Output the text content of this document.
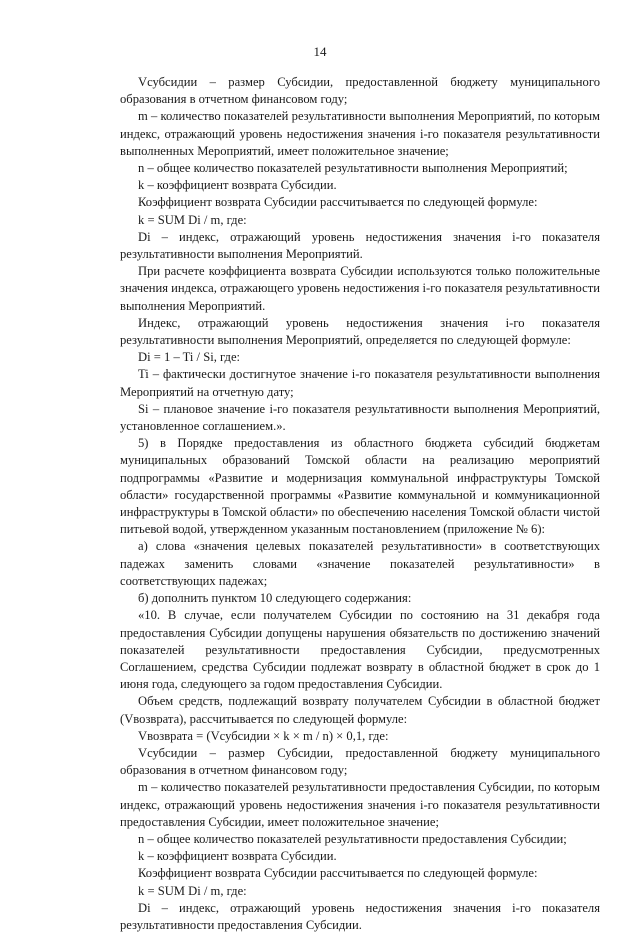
14

Vсубсидии – размер Субсидии, предоставленной бюджету муниципального образования в отчетном финансовом году;

m – количество показателей результативности выполнения Мероприятий, по которым индекс, отражающий уровень недостижения значения i-го показателя результативности выполненных Мероприятий, имеет положительное значение;

n – общее количество показателей результативности выполнения Мероприятий;

k – коэффициент возврата Субсидии.

Коэффициент возврата Субсидии рассчитывается по следующей формуле:

k = SUM Di / m, где:

Di – индекс, отражающий уровень недостижения значения i-го показателя результативности выполнения Мероприятий.

При расчете коэффициента возврата Субсидии используются только положительные значения индекса, отражающего уровень недостижения i-го показателя результативности выполнения Мероприятий.

Индекс, отражающий уровень недостижения значения i-го показателя результативности выполнения Мероприятий, определяется по следующей формуле:

Di = 1 – Ti / Si, где:

Ti – фактически достигнутое значение i-го показателя результативности выполнения Мероприятий на отчетную дату;

Si – плановое значение i-го показателя результативности выполнения Мероприятий, установленное соглашением.».

5) в Порядке предоставления из областного бюджета субсидий бюджетам муниципальных образований Томской области на реализацию мероприятий подпрограммы «Развитие и модернизация коммунальной инфраструктуры Томской области» государственной программы «Развитие коммунальной и коммуникационной инфраструктуры в Томской области» по обеспечению населения Томской области чистой питьевой водой, утвержденном указанным постановлением (приложение № 6):

а) слова «значения целевых показателей результативности» в соответствующих падежах заменить словами «значение показателей результативности» в соответствующих падежах;

б) дополнить пунктом 10 следующего содержания:

«10. В случае, если получателем Субсидии по состоянию на 31 декабря года предоставления Субсидии допущены нарушения обязательств по достижению значений показателей результативности предоставления Субсидии, предусмотренных Соглашением, средства Субсидии подлежат возврату в областной бюджет в срок до 1 июня года, следующего за годом предоставления Субсидии.

Объем средств, подлежащий возврату получателем Субсидии в областной бюджет (Vвозврата), рассчитывается по следующей формуле:

Vвозврата = (Vсубсидии × k × m / n) × 0,1, где:

Vсубсидии – размер Субсидии, предоставленной бюджету муниципального образования в отчетном финансовом году;

m – количество показателей результативности предоставления Субсидии, по которым индекс, отражающий уровень недостижения значения i-го показателя результативности предоставления Субсидии, имеет положительное значение;

n – общее количество показателей результативности предоставления Субсидии;

k – коэффициент возврата Субсидии.

Коэффициент возврата Субсидии рассчитывается по следующей формуле:

k = SUM Di / m, где:

Di – индекс, отражающий уровень недостижения значения i-го показателя результативности предоставления Субсидии.
